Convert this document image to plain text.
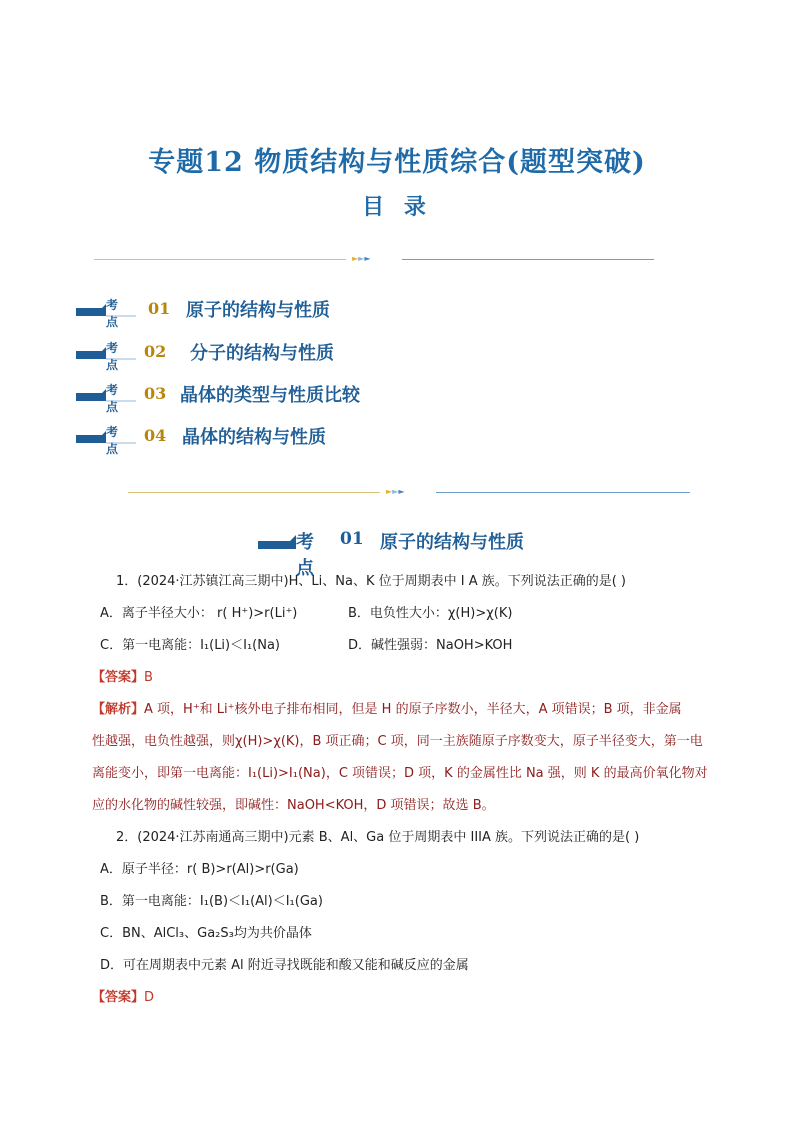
专题12 物质结构与性质综合(题型突破)
目 录
►►►
考点
01 原子的结构与性质
考点
02 分子的结构与性质
考点
03 晶体的类型与性质比较
考点
04 晶体的结构与性质
►►►
考点
01 原子的结构与性质
1．(2024·江苏镇江高三期中)H、Li、Na、K 位于周期表中 I A 族。下列说法正确的是( )
A．离子半径大小： r( H⁺)>r(Li⁺)	B．电负性大小：χ(H)>χ(K)
C．第一电离能：I₁(Li)＜I₁(Na)	D．碱性强弱：NaOH>KOH
【答案】B
【解析】A 项，H⁺和 Li⁺核外电子排布相同，但是 H 的原子序数小，半径大，A 项错误；B 项，非金属
性越强，电负性越强，则χ(H)>χ(K)，B 项正确；C 项，同一主族随原子序数变大，原子半径变大，第一电
离能变小，即第一电离能：I₁(Li)>I₁(Na)，C 项错误；D 项，K 的金属性比 Na 强，则 K 的最高价氧化物对
应的水化物的碱性较强，即碱性：NaOH<KOH，D 项错误；故选 B。
2．(2024·江苏南通高三期中)元素 B、Al、Ga 位于周期表中 IIIA 族。下列说法正确的是( )
A．原子半径：r( B)>r(Al)>r(Ga)
B．第一电离能：I₁(B)＜I₁(Al)＜I₁(Ga)
C．BN、AlCl₃、Ga₂S₃均为共价晶体
D．可在周期表中元素 Al 附近寻找既能和酸又能和碱反应的金属
【答案】D
